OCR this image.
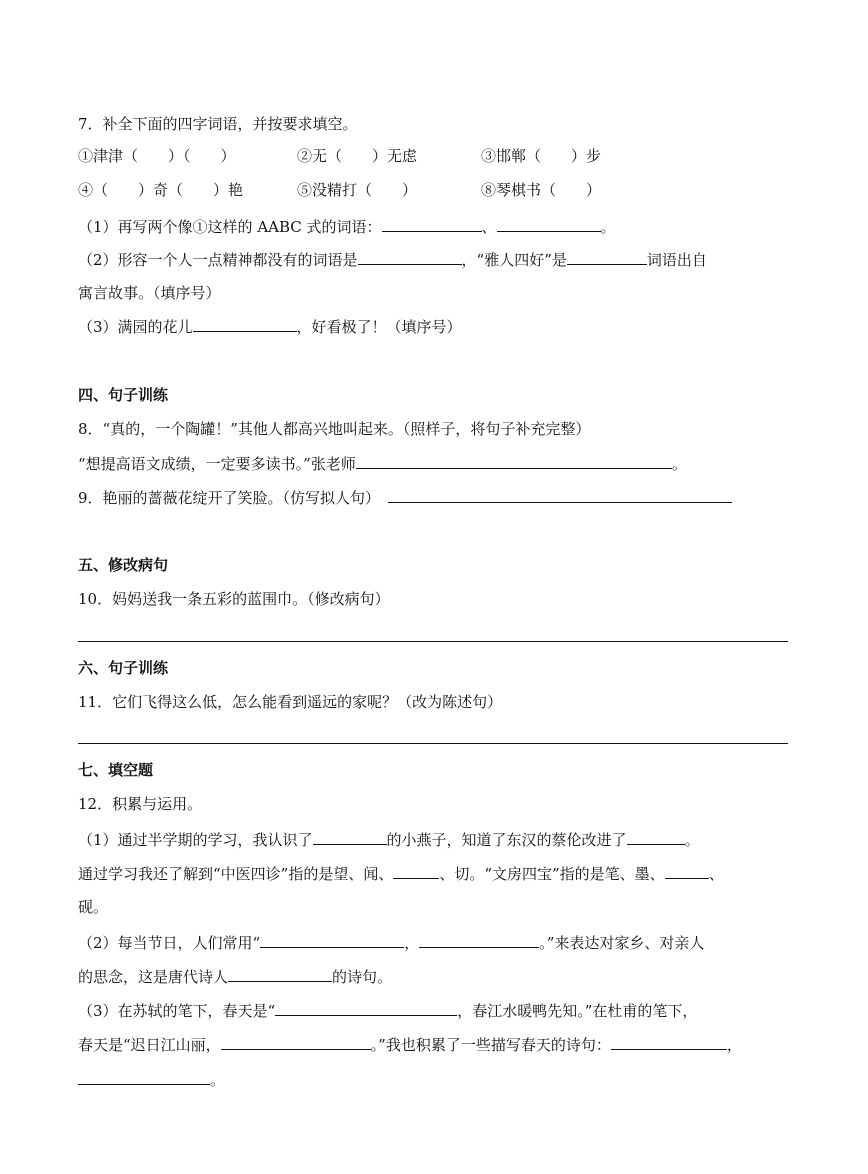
7．补全下面的四字词语，并按要求填空。
①津津（　　）（　　）	②无（　　）无虑	③邯郸（　　）步
④（　　）奇（　　）艳	⑤没精打（　　）	⑧琴棋书（　　）
（1）再写两个像①这样的 AABC 式的词语：	、	。
（2）形容一个人一点精神都没有的词语是	，“雅人四好”是	词语出自
寓言故事。（填序号）
（3）满园的花儿	，好看极了！（填序号）
四、句子训练
8．“真的，一个陶罐！”其他人都高兴地叫起来。（照样子，将句子补充完整）
“想提高语文成绩，一定要多读书。”张老师	。
9．艳丽的蔷薇花绽开了笑脸。（仿写拟人句）
五、修改病句
10．妈妈送我一条五彩的蓝围巾。（修改病句）
六、句子训练
11．它们飞得这么低，怎么能看到遥远的家呢？（改为陈述句）
七、填空题
12．积累与运用。
（1）通过半学期的学习，我认识了	的小燕子，知道了东汉的蔡伦改进了	。
通过学习我还了解到“中医四诊”指的是望、闻、	、切。“文房四宝”指的是笔、墨、	、
砚。
（2）每当节日，人们常用“	，	。”来表达对家乡、对亲人
的思念，这是唐代诗人	的诗句。
（3）在苏轼的笔下，春天是“	，春江水暖鸭先知。”在杜甫的笔下，
春天是“迟日江山丽，	。”我也积累了一些描写春天的诗句：	，
。
